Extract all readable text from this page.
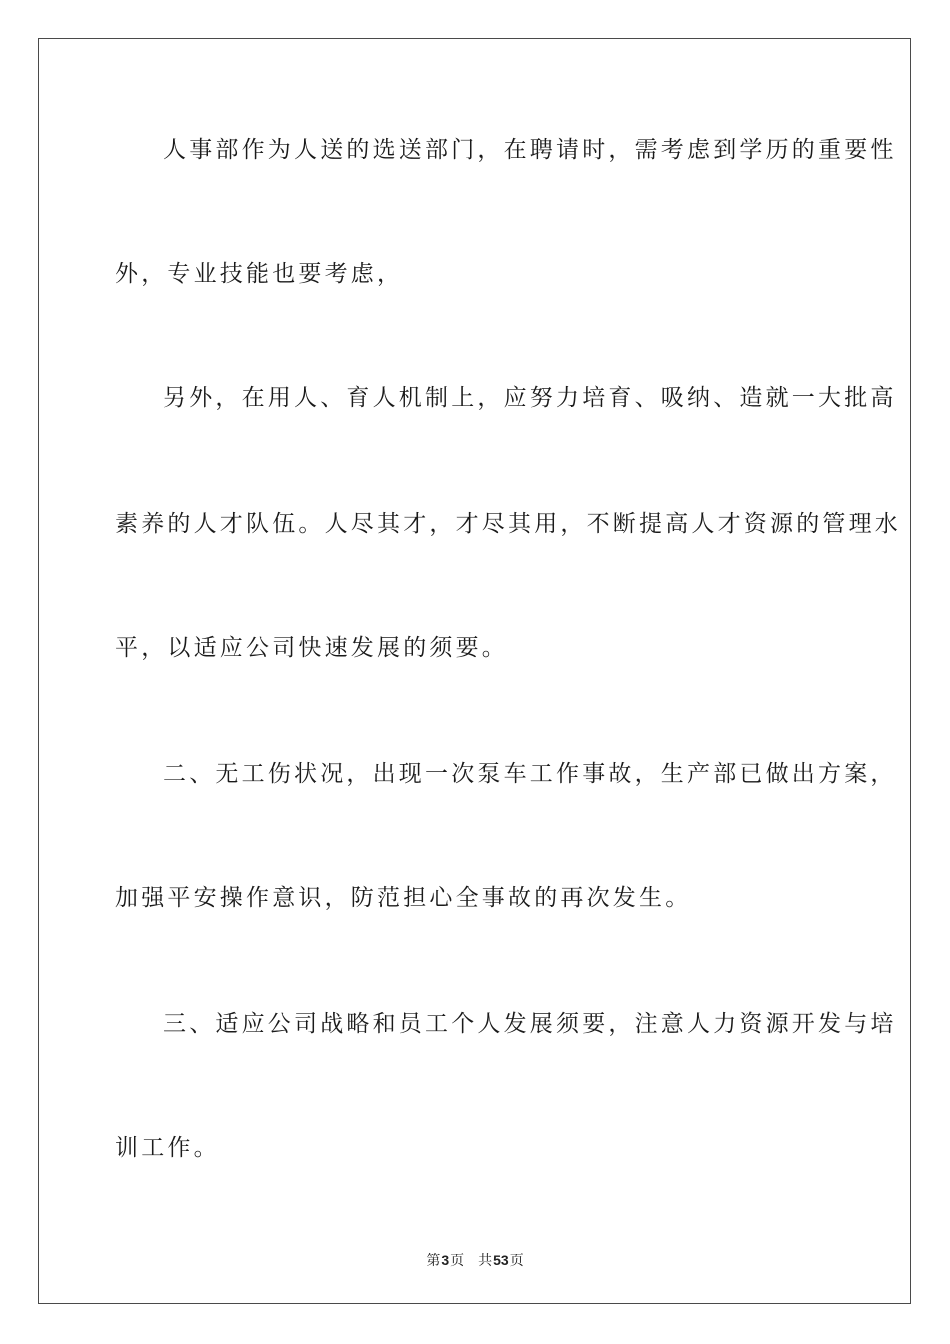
人事部作为人送的选送部门，在聘请时，需考虑到学历的重要性

外，专业技能也要考虑，

另外，在用人、育人机制上，应努力培育、吸纳、造就一大批高

素养的人才队伍。人尽其才，才尽其用，不断提高人才资源的管理水

平，以适应公司快速发展的须要。

二、无工伤状况，出现一次泵车工作事故，生产部已做出方案，

加强平安操作意识，防范担心全事故的再次发生。

三、适应公司战略和员工个人发展须要，注意人力资源开发与培

训工作。

第3页 共53页
